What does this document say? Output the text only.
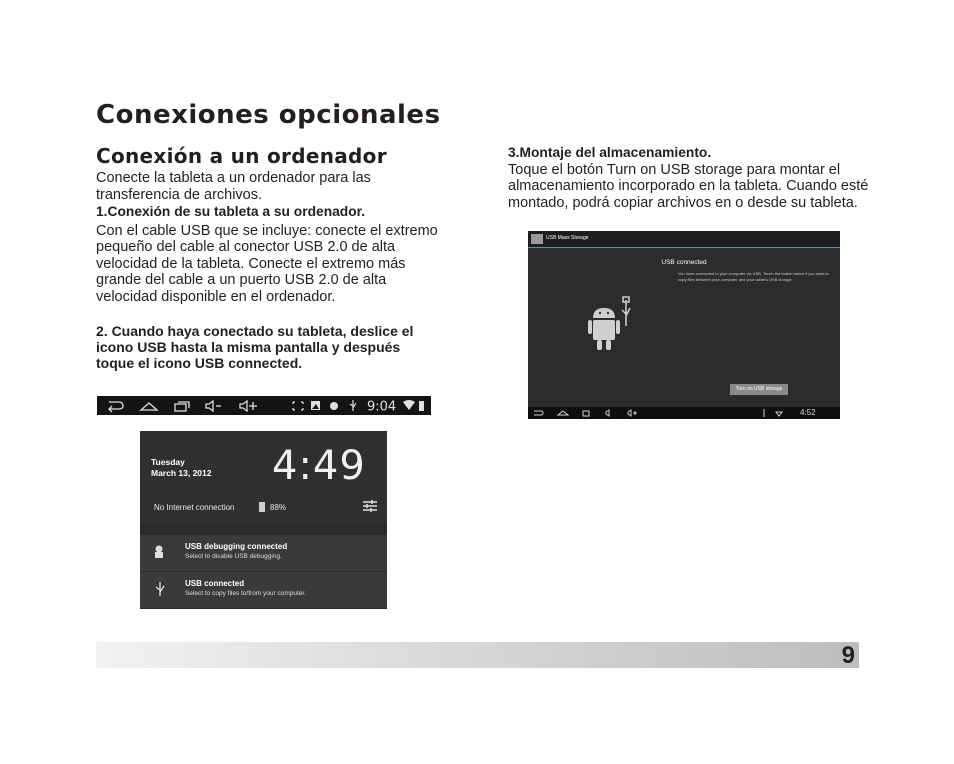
Conexiones opcionales
Conexión a un ordenador

Conecte la tableta a un ordenador para las transferencia de archivos.

1.Conexión de su tableta a su ordenador.

Con el cable USB que se incluye: conecte el extremo pequeño del cable al conector USB 2.0 de alta velocidad de la tableta. Conecte el extremo más grande del cable a un puerto USB 2.0 de alta velocidad disponible en el ordenador.

2. Cuando haya conectado su tableta, deslice el icono USB hasta la misma pantalla y después toque el icono USB connected.

3.Montaje del almacenamiento.

Toque el botón Turn on USB storage para montar el almacenamiento incorporado en la tableta. Cuando esté montado, podrá copiar archivos en o desde su tableta.

9:04
Tuesday
March 13, 2012 4:49
No Internet connection	88%
USB debugging connected
Select to disable USB debugging.
USB connected
Select to copy files to/from your computer.
USB Mass Storage
USB connected
You have connected to your computer via USB. Touch the button below if you want to copy files between your computer and your tablet's USB storage.
Turn on USB storage
4:52
9
